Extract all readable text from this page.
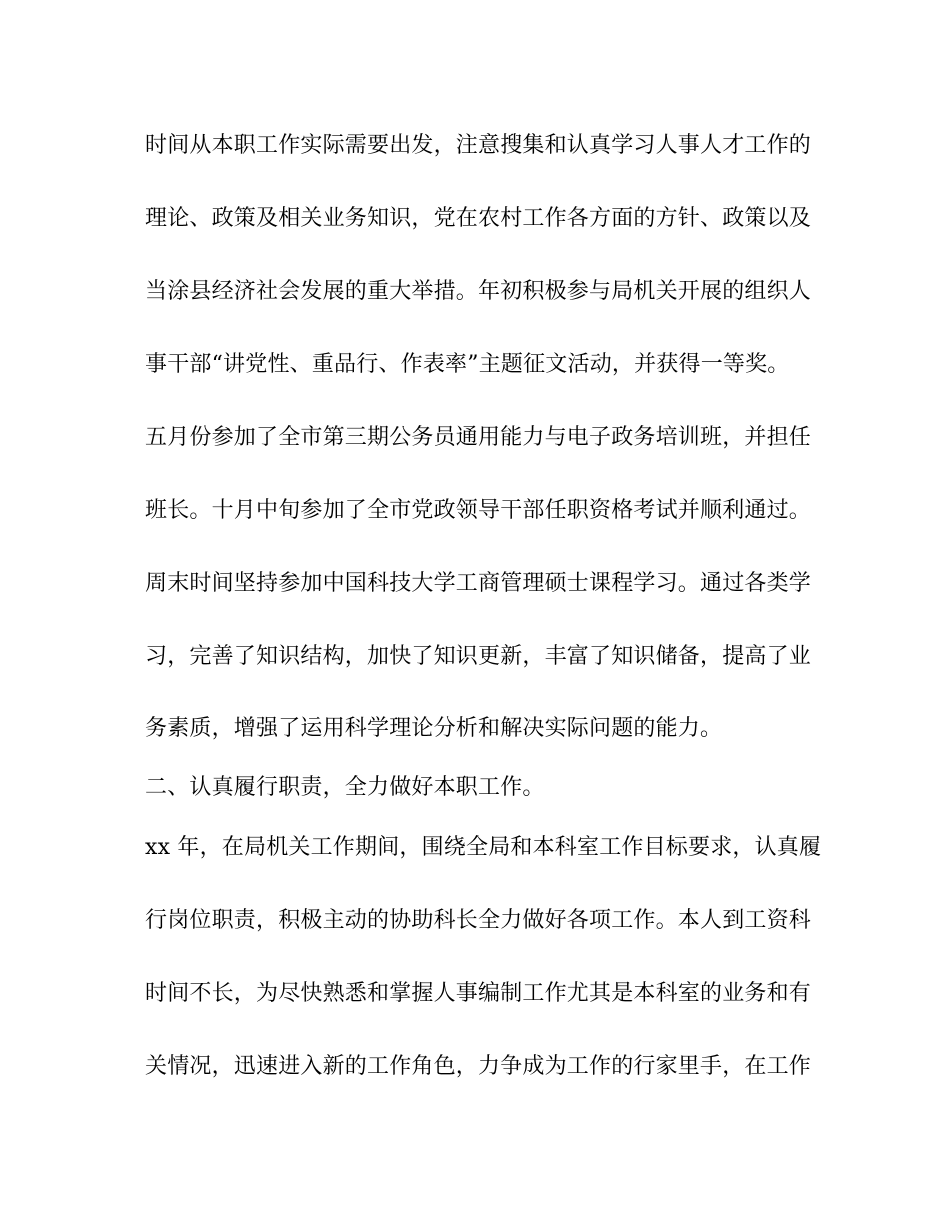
时间从本职工作实际需要出发，注意搜集和认真学习人事人才工作的
理论、政策及相关业务知识，党在农村工作各方面的方针、政策以及
当涂县经济社会发展的重大举措。年初积极参与局机关开展的组织人
事干部“讲党性、重品行、作表率”主题征文活动，并获得一等奖。
五月份参加了全市第三期公务员通用能力与电子政务培训班，并担任
班长。十月中旬参加了全市党政领导干部任职资格考试并顺利通过。
周末时间坚持参加中国科技大学工商管理硕士课程学习。通过各类学
习，完善了知识结构，加快了知识更新，丰富了知识储备，提高了业
务素质，增强了运用科学理论分析和解决实际问题的能力。
二、认真履行职责，全力做好本职工作。
xx 年，在局机关工作期间，围绕全局和本科室工作目标要求，认真履
行岗位职责，积极主动的协助科长全力做好各项工作。本人到工资科
时间不长，为尽快熟悉和掌握人事编制工作尤其是本科室的业务和有
关情况，迅速进入新的工作角色，力争成为工作的行家里手，在工作
